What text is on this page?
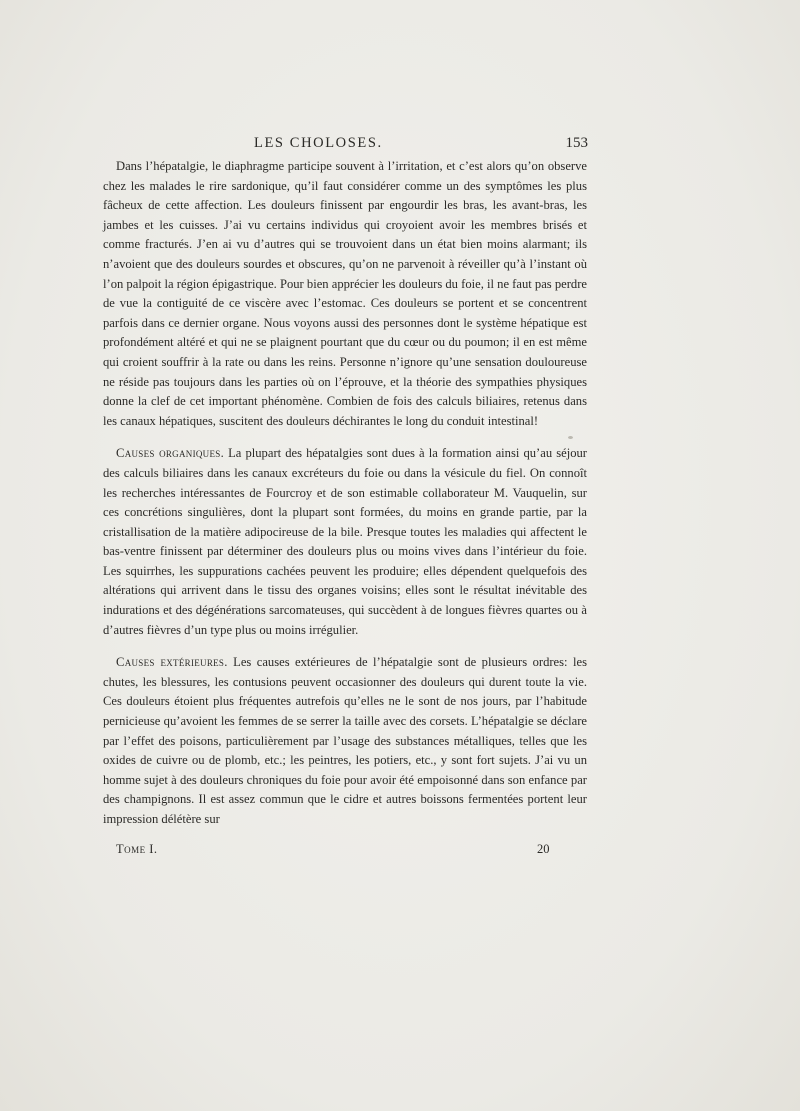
LES CHOLOSES.	153

Dans l’hépatalgie, le diaphragme participe souvent à l’irritation, et c’est alors qu’on observe chez les malades le rire sardonique, qu’il faut considérer comme un des symptômes les plus fâcheux de cette affection. Les douleurs finissent par engourdir les bras, les avant-bras, les jambes et les cuisses. J’ai vu certains individus qui croyoient avoir les membres brisés et comme fracturés. J’en ai vu d’autres qui se trouvoient dans un état bien moins alarmant; ils n’avoient que des douleurs sourdes et obscures, qu’on ne parvenoit à réveiller qu’à l’instant où l’on palpoit la région épigastrique. Pour bien apprécier les douleurs du foie, il ne faut pas perdre de vue la contiguité de ce viscère avec l’estomac. Ces douleurs se portent et se concentrent parfois dans ce dernier organe. Nous voyons aussi des personnes dont le système hépatique est profondément altéré et qui ne se plaignent pourtant que du cœur ou du poumon; il en est même qui croient souffrir à la rate ou dans les reins. Personne n’ignore qu’une sensation douloureuse ne réside pas toujours dans les parties où on l’éprouve, et la théorie des sympathies physiques donne la clef de cet important phénomène. Combien de fois des calculs biliaires, retenus dans les canaux hépatiques, suscitent des douleurs déchirantes le long du conduit intestinal!

Causes organiques. La plupart des hépatalgies sont dues à la formation ainsi qu’au séjour des calculs biliaires dans les canaux excréteurs du foie ou dans la vésicule du fiel. On connoît les recherches intéressantes de Fourcroy et de son estimable collaborateur M. Vauquelin, sur ces concrétions singulières, dont la plupart sont formées, du moins en grande partie, par la cristallisation de la matière adipocireuse de la bile. Presque toutes les maladies qui affectent le bas-ventre finissent par déterminer des douleurs plus ou moins vives dans l’intérieur du foie. Les squirrhes, les suppurations cachées peuvent les produire; elles dépendent quelquefois des altérations qui arrivent dans le tissu des organes voisins; elles sont le résultat inévitable des indurations et des dégénérations sarcomateuses, qui succèdent à de longues fièvres quartes ou à d’autres fièvres d’un type plus ou moins irrégulier.

Causes extérieures. Les causes extérieures de l’hépatalgie sont de plusieurs ordres: les chutes, les blessures, les contusions peuvent occasionner des douleurs qui durent toute la vie. Ces douleurs étoient plus fréquentes autrefois qu’elles ne le sont de nos jours, par l’habitude pernicieuse qu’avoient les femmes de se serrer la taille avec des corsets. L’hépatalgie se déclare par l’effet des poisons, particulièrement par l’usage des substances métalliques, telles que les oxides de cuivre ou de plomb, etc.; les peintres, les potiers, etc., y sont fort sujets. J’ai vu un homme sujet à des douleurs chroniques du foie pour avoir été empoisonné dans son enfance par des champignons. Il est assez commun que le cidre et autres boissons fermentées portent leur impression délétère sur

Tome I.	20
